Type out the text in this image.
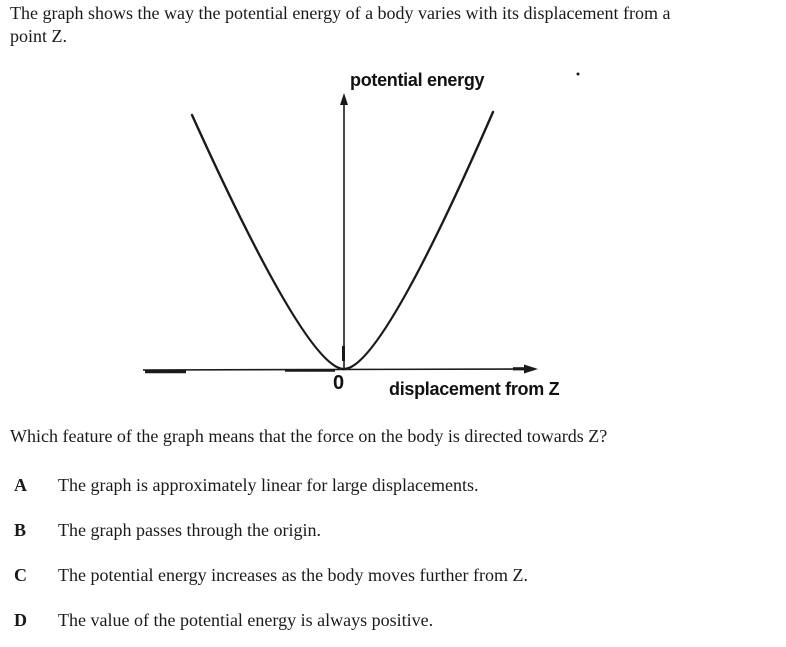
The graph shows the way the potential energy of a body varies with its displacement from a
point Z.
potential energy
0	displacement from Z
Which feature of the graph means that the force on the body is directed towards Z?
A	The graph is approximately linear for large displacements.
B	The graph passes through the origin.
C	The potential energy increases as the body moves further from Z.
D	The value of the potential energy is always positive.
